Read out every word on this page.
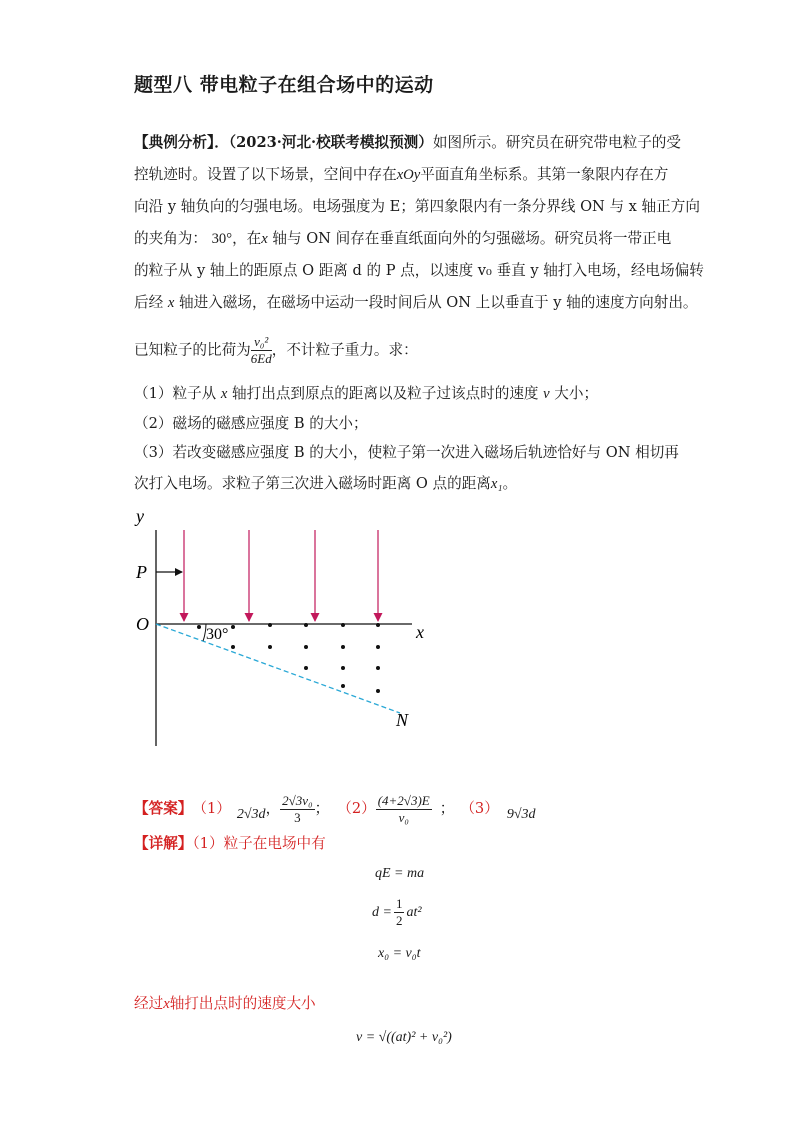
题型八 带电粒子在组合场中的运动
【典例分析】．（2023·河北·校联考模拟预测）如图所示。研究员在研究带电粒子的受
控轨迹时。设置了以下场景，空间中存在xOy平面直角坐标系。其第一象限内存在方
向沿 y 轴负向的匀强电场。电场强度为 E；第四象限内有一条分界线 ON 与 x 轴正方向
的夹角为： 30°，在x 轴与 ON 间存在垂直纸面向外的匀强磁场。研究员将一带正电
的粒子从 y 轴上的距原点 O 距离 d 的 P 点，以速度 v₀ 垂直 y 轴打入电场，经电场偏转
后经 x 轴进入磁场，在磁场中运动一段时间后从 ON 上以垂直于 y 轴的速度方向射出。
已知粒子的比荷为 $\frac{\text{v₀²}}{6Ed}$ ，不计粒子重力。求：
（1）粒子从 x 轴打出点到原点的距离以及粒子过该点时的速度 v 大小；
（2）磁场的磁感应强度 B 的大小；
（3）若改变磁感应强度 B 的大小，使粒子第一次进入磁场后轨迹恰好与 ON 相切再
次打入电场。求粒子第三次进入磁场时距离 O 点的距离x₁。
y
x
O
P
N
30°
【答案】 （1） 2√3d ， $\frac{\text{2√3v₀}}{3}$ ； $(2) \frac{(4+2√3)E}{\text{v₀}}$ ； （3） 9√3d
【详解】（1）粒子在电场中有
qE = ma
$d = \frac{1}{2} at^2$
x₀ = v₀t
经过x轴打出点时的速度大小
v = √((at)² + v₀²)
